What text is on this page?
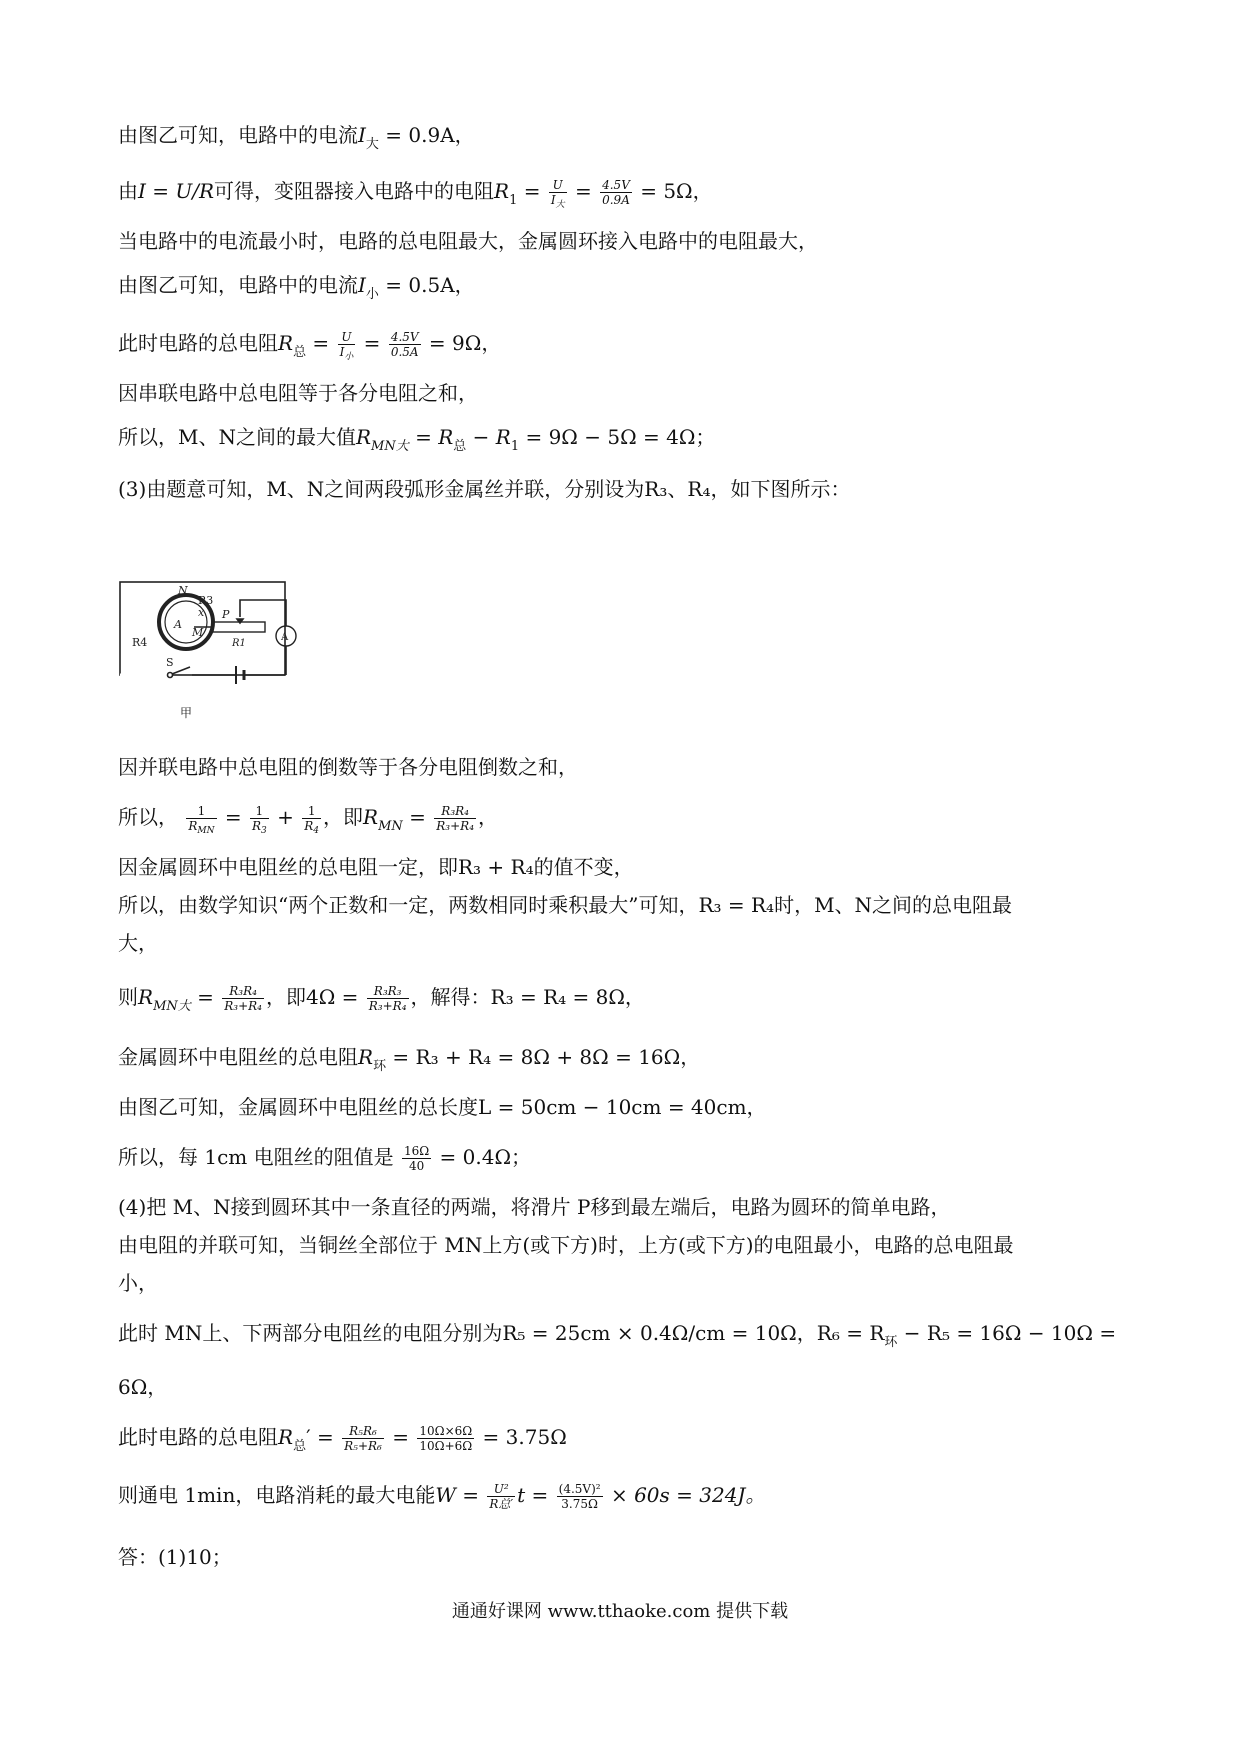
由图乙可知，电路中的电流$I_大 = 0.9A$，
由I = U/R可得，变阻器接入电路中的电阻$R_1 = \frac{U}{I_大} = \frac{4.5V}{0.9A} = 5\Omega$，
当电路中的电流最小时，电路的总电阻最大，金属圆环接入电路中的电阻最大，
由图乙可知，电路中的电流$I_小 = 0.5A$，
此时电路的总电阻$R_总 = \frac{U}{I_小} = \frac{4.5V}{0.5A} = 9\Omega$，
因串联电路中总电阻等于各分电阻之和，
所以，M、N之间的最大值$R_{MN大} = R_总 - R_1 = 9\Omega - 5\Omega = 4\Omega$；
(3)由题意可知，M、N之间两段弧形金属丝并联，分别设为R₃、R₄，如下图所示：
N
R3
x P
A
M
R1
R4
S
A
甲
因并联电路中总电阻的倒数等于各分电阻倒数之和，
所以， $\frac{1}{R_{MN}} = \frac{1}{R_3} + \frac{1}{R_4}$ ，即$R_{MN} = \frac{\text{R₃R₄}}{\text{R₃+R₄}}$ ，
因金属圆环中电阻丝的总电阻一定，即R₃ + R₄的值不变，
所以，由数学知识“两个正数和一定，两数相同时乘积最大”可知，R₃ = R₄时，M、N之间的总电阻最
大，
则$R_{MN大} = \frac{\text{R₃R₄}}{\text{R₃+R₄}}$ ，即$4\Omega = \frac{\text{R₃R₃}}{\text{R₃+R₄}}$ ，解得：R₃ = R₄ = 8Ω，
金属圆环中电阻丝的总电阻$R_环 = R_3 + R_4 = 8\Omega + 8\Omega = 16\Omega$，
由图乙可知，金属圆环中电阻丝的总长度L = 50cm − 10cm = 40cm，
所以，每 1cm 电阻丝的阻值是 $\frac{16\Omega}{40} = 0.4\Omega$；
(4)把 M、N接到圆环其中一条直径的两端，将滑片 P移到最左端后，电路为圆环的简单电路，
由电阻的并联可知，当铜丝全部位于 MN上方(或下方)时，上方(或下方)的电阻最小，电路的总电阻最
小，
此时 MN上、下两部分电阻丝的电阻分别为R₅ = 25cm × 0.4Ω/cm = 10Ω，$R_6 = R_环 - R_5 = 16\Omega - 10\Omega$ =
6Ω，
此时电路的总电阻$R_总' = \frac{\text{R₅R₆}}{\text{R₅+R₆}} = \frac{10\Omega\times 6\Omega}{10\Omega+6\Omega} = 3.75\Omega$
则通电 1min，电路消耗的最大电能$W = \frac{\text{U²}}{\text{R总′}}$ $t = \frac{\text{(4.5V)²}}{3.75\Omega} \times 60s = 324J$。
答：(1)10；
通通好课网 www.tthaoke.com 提供下载
